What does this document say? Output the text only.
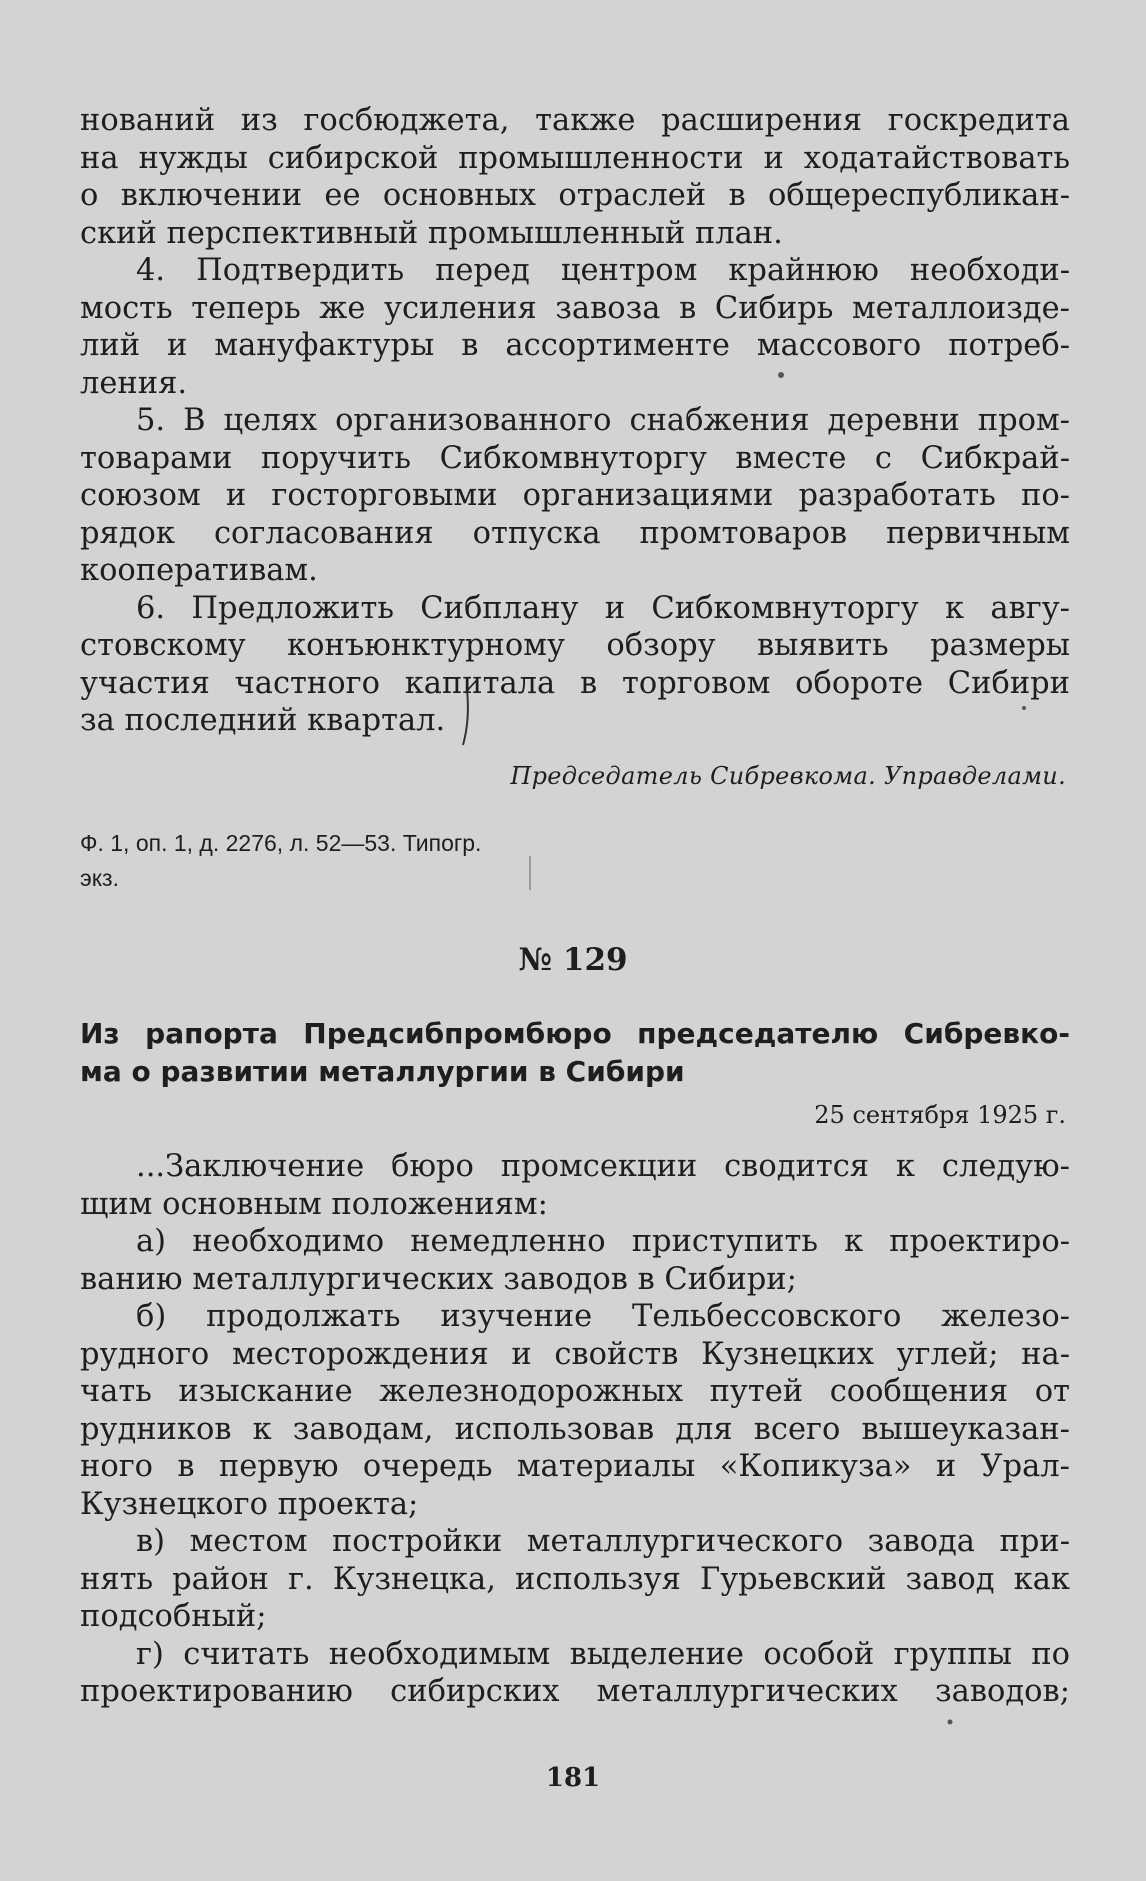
нований из госбюджета, также расширения госкредита
на нужды сибирской промышленности и ходатайствовать
о включении ее основных отраслей в общереспубликан-
ский перспективный промышленный план.
4. Подтвердить перед центром крайнюю необходи-
мость теперь же усиления завоза в Сибирь металлоизде-
лий и мануфактуры в ассортименте массового потреб-
ления.
5. В целях организованного снабжения деревни пром-
товарами поручить Сибкомвнуторгу вместе с Сибкрай-
союзом и госторговыми организациями разработать по-
рядок согласования отпуска промтоваров первичным
кооперативам.
6. Предложить Сибплану и Сибкомвнуторгу к авгу-
стовскому конъюнктурному обзору выявить размеры
участия частного капитала в торговом обороте Сибири
за последний квартал.
Председатель Сибревкома. Управделами.
Ф. 1, оп. 1, д. 2276, л. 52—53. Типогр.
экз.
№ 129
Из рапорта Предсибпромбюро председателю Сибревко-
ма о развитии металлургии в Сибири
25 сентября 1925 г.
...Заключение бюро промсекции сводится к следую-
щим основным положениям:
а) необходимо немедленно приступить к проектиро-
ванию металлургических заводов в Сибири;
б) продолжать изучение Тельбессовского железо-
рудного месторождения и свойств Кузнецких углей; на-
чать изыскание железнодорожных путей сообщения от
рудников к заводам, использовав для всего вышеуказан-
ного в первую очередь материалы «Копикуза» и Урал-
Кузнецкого проекта;
в) местом постройки металлургического завода при-
нять район г. Кузнецка, используя Гурьевский завод как
подсобный;
г) считать необходимым выделение особой группы по
проектированию сибирских металлургических заводов;
181
